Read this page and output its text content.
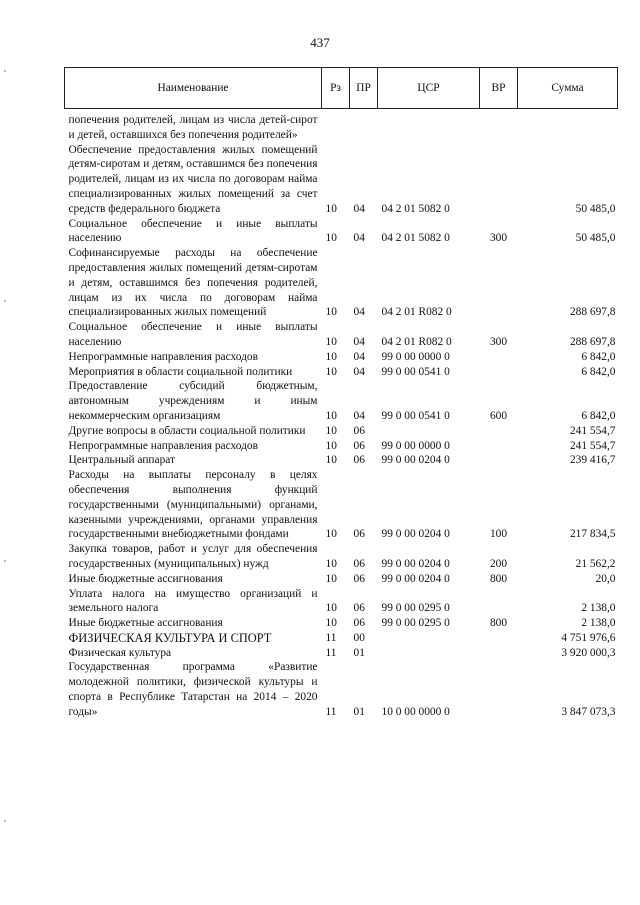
437
Наименование	Рз	ПР	ЦСР	ВР	Сумма

попечения родителей, лицам из числа детей-сирот и детей, оставшихся без попечения родителей»					
Обеспечение предоставления жилых помещений детям-сиротам и детям, оставшимся без попечения родителей, лицам из их числа по договорам найма специализированных жилых помещений за счет средств федерального бюджета	10	04	04 2 01 5082 0		50 485,0
Социальное обеспечение и иные выплаты населению	10	04	04 2 01 5082 0	300	50 485,0
Софинансируемые расходы на обеспечение предоставления жилых помещений детям-сиротам и детям, оставшимся без попечения родителей, лицам из их числа по договорам найма специализированных жилых помещений	10	04	04 2 01 R082 0		288 697,8
Социальное обеспечение и иные выплаты населению	10	04	04 2 01 R082 0	300	288 697,8
Непрограммные направления расходов	10	04	99 0 00 0000 0		6 842,0
Мероприятия в области социальной политики	10	04	99 0 00 0541 0		6 842,0
Предоставление субсидий бюджетным, автономным учреждениям и иным некоммерческим организациям	10	04	99 0 00 0541 0	600	6 842,0
Другие вопросы в области социальной политики	10	06			241 554,7
Непрограммные направления расходов	10	06	99 0 00 0000 0		241 554,7
Центральный аппарат	10	06	99 0 00 0204 0		239 416,7
Расходы на выплаты персоналу в целях обеспечения выполнения функций государственными (муниципальными) органами, казенными учреждениями, органами управления государственными внебюджетными фондами	10	06	99 0 00 0204 0	100	217 834,5
Закупка товаров, работ и услуг для обеспечения государственных (муниципальных) нужд	10	06	99 0 00 0204 0	200	21 562,2
Иные бюджетные ассигнования	10	06	99 0 00 0204 0	800	20,0
Уплата налога на имущество организаций и земельного налога	10	06	99 0 00 0295 0		2 138,0
Иные бюджетные ассигнования	10	06	99 0 00 0295 0	800	2 138,0
ФИЗИЧЕСКАЯ КУЛЬТУРА И СПОРТ	11	00			4 751 976,6
Физическая культура	11	01			3 920 000,3
Государственная программа «Развитие молодежной политики, физической культуры и спорта в Республике Татарстан на 2014 – 2020 годы»	11	01	10 0 00 0000 0		3 847 073,3
